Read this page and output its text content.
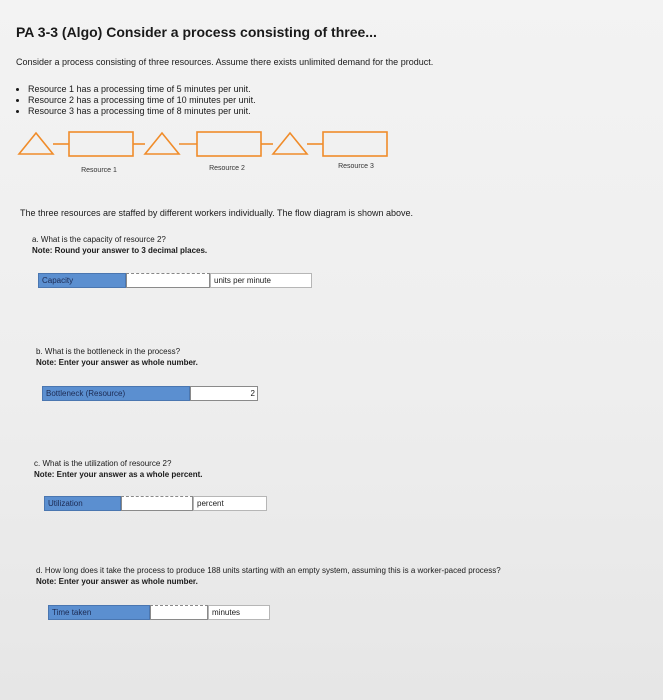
PA 3-3 (Algo) Consider a process consisting of three...
Consider a process consisting of three resources. Assume there exists unlimited demand for the product.
• Resource 1 has a processing time of 5 minutes per unit.
• Resource 2 has a processing time of 10 minutes per unit.
• Resource 3 has a processing time of 8 minutes per unit.
Resource 1	Resource 2	Resource 3
The three resources are staffed by different workers individually. The flow diagram is shown above.
a. What is the capacity of resource 2?
Note: Round your answer to 3 decimal places.
Capacity	units per minute
b. What is the bottleneck in the process?
Note: Enter your answer as whole number.
Bottleneck (Resource)	2
c. What is the utilization of resource 2?
Note: Enter your answer as a whole percent.
Utilization	percent
d. How long does it take the process to produce 188 units starting with an empty system, assuming this is a worker-paced process?
Note: Enter your answer as whole number.
Time taken	minutes
